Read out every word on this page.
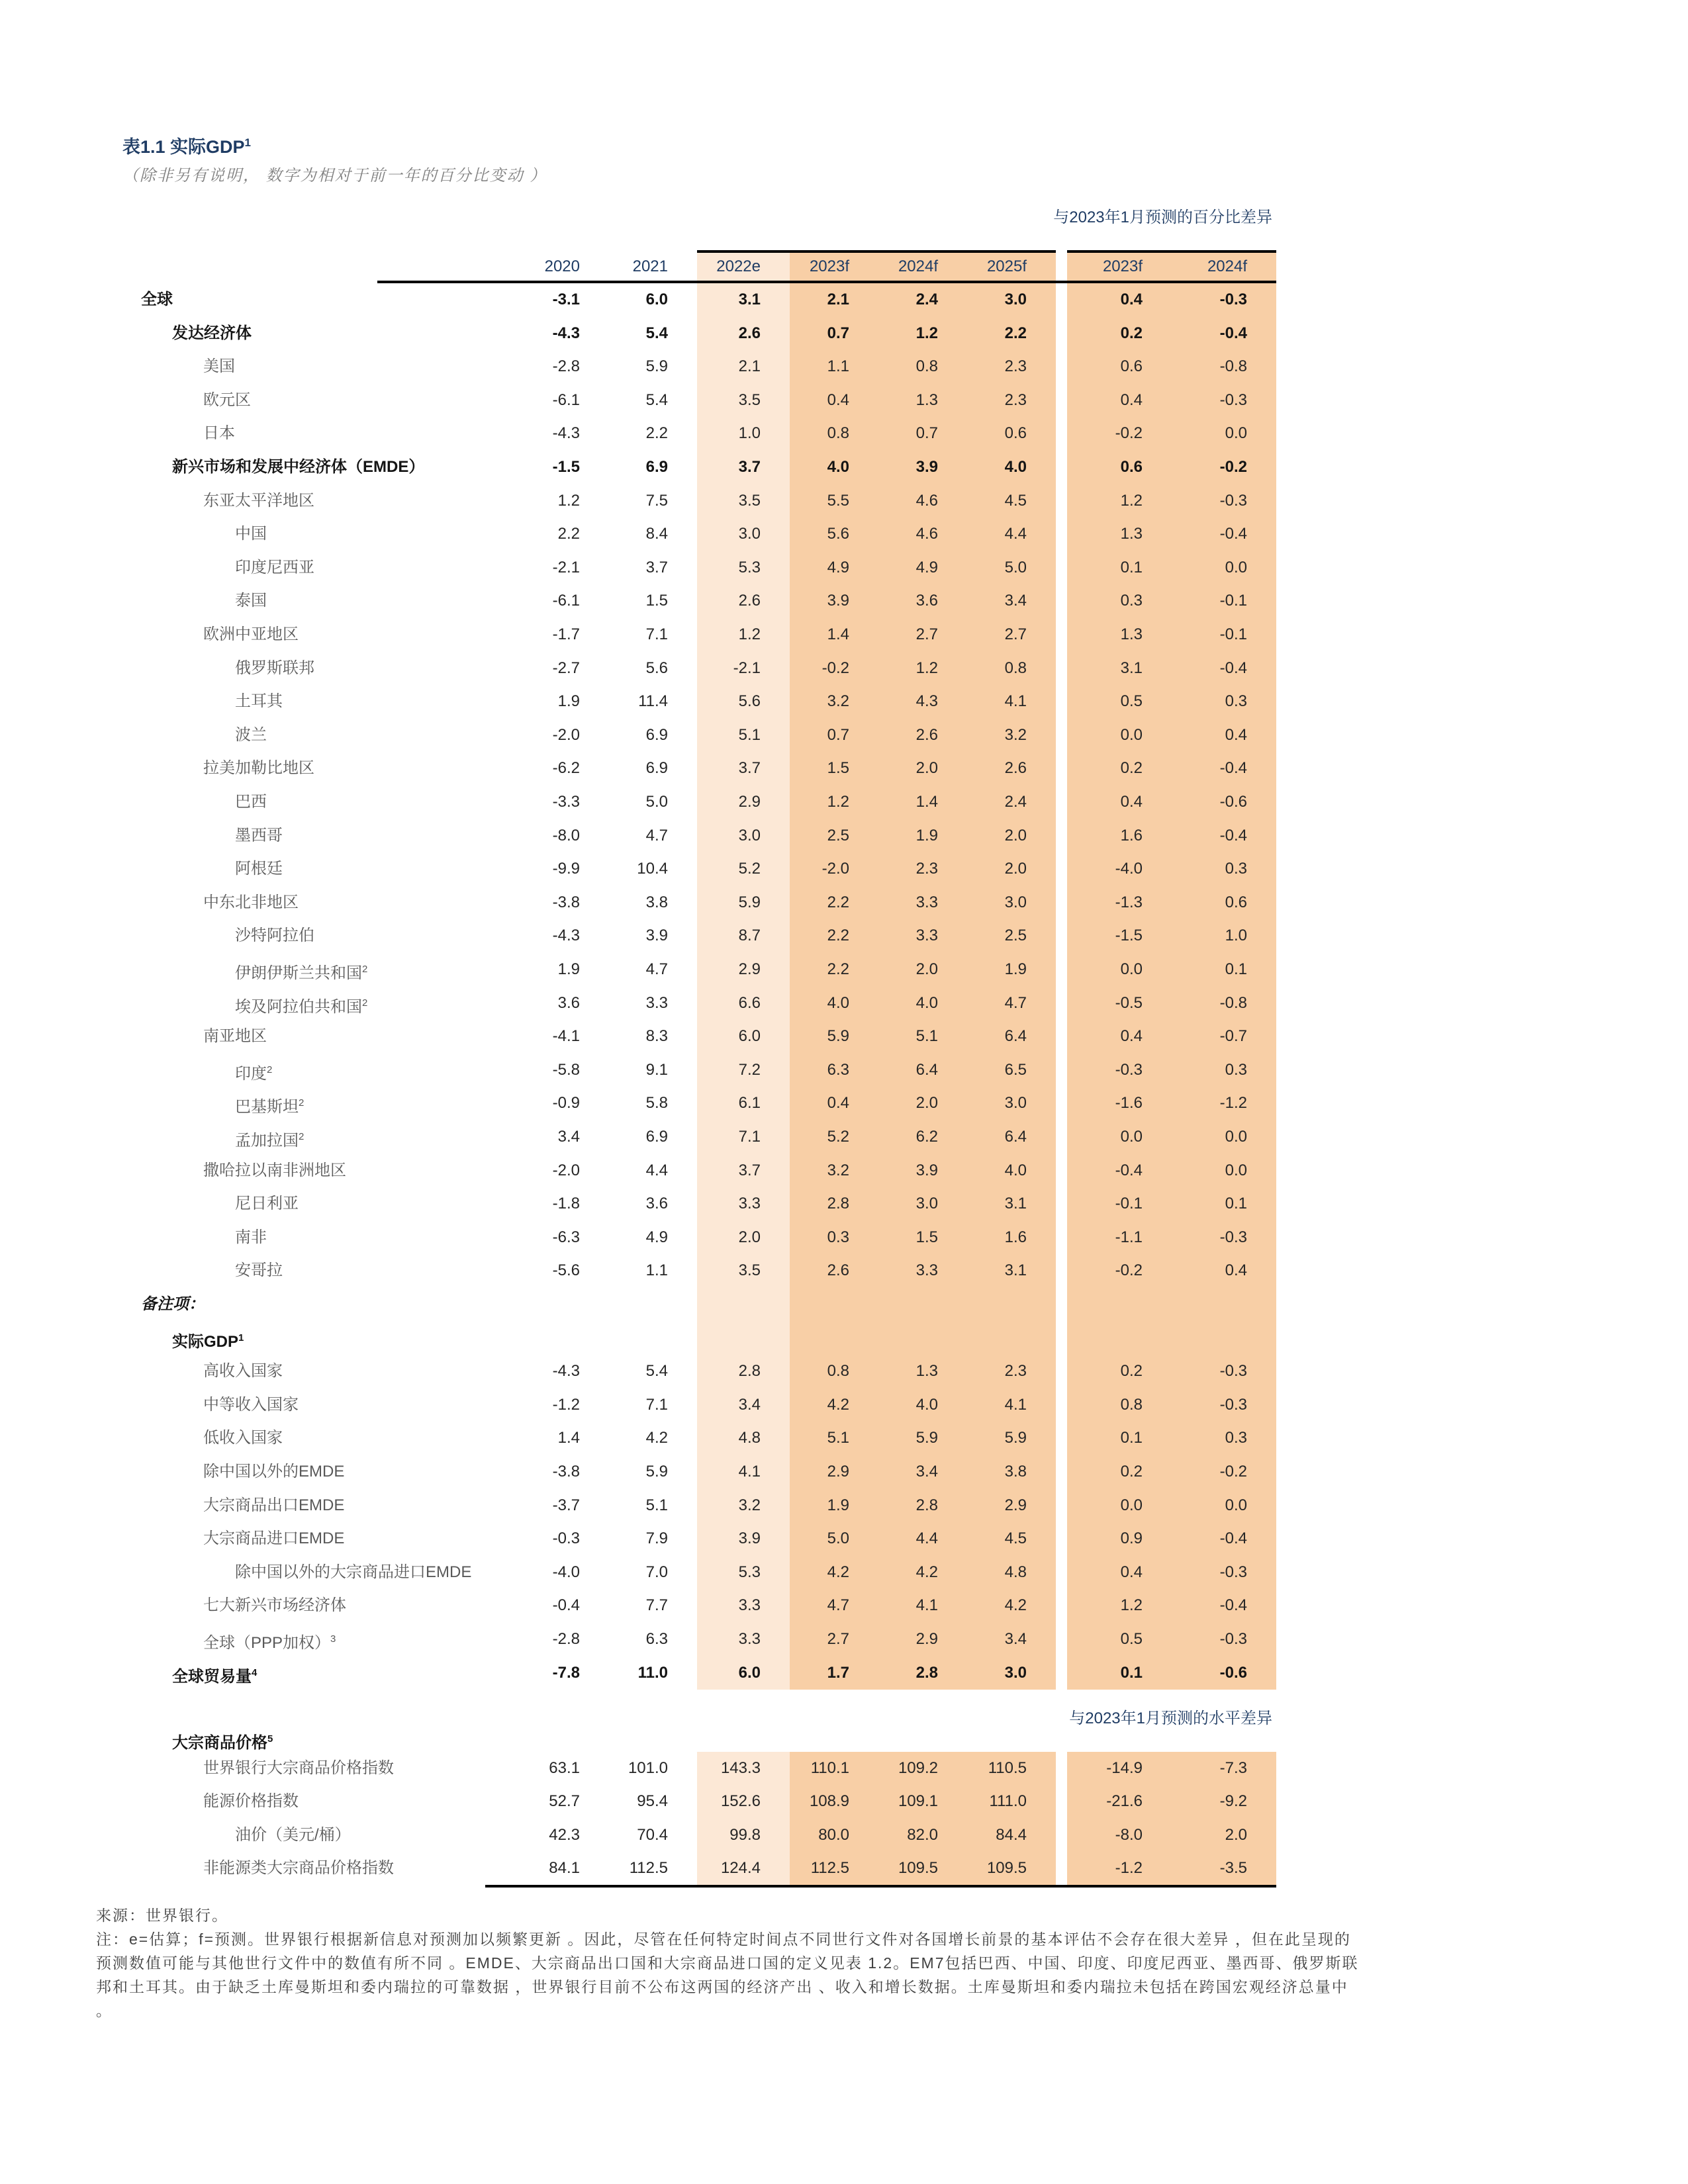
表1.1 实际GDP$^1$
（除非另有说明， 数字为相对于前一年的百分比变动 ）
与2023年1月预测的百分比差异
2020	2021	2022e	2023f	2024f	2025f	2023f	2024f
全球	-3.1	6.0	3.1	2.1	2.4	3.0	0.4	-0.3
发达经济体	-4.3	5.4	2.6	0.7	1.2	2.2	0.2	-0.4
美国	-2.8	5.9	2.1	1.1	0.8	2.3	0.6	-0.8
欧元区	-6.1	5.4	3.5	0.4	1.3	2.3	0.4	-0.3
日本	-4.3	2.2	1.0	0.8	0.7	0.6	-0.2	0.0
新兴市场和发展中经济体（EMDE）	-1.5	6.9	3.7	4.0	3.9	4.0	0.6	-0.2
东亚太平洋地区	1.2	7.5	3.5	5.5	4.6	4.5	1.2	-0.3
中国	2.2	8.4	3.0	5.6	4.6	4.4	1.3	-0.4
印度尼西亚	-2.1	3.7	5.3	4.9	4.9	5.0	0.1	0.0
泰国	-6.1	1.5	2.6	3.9	3.6	3.4	0.3	-0.1
欧洲中亚地区	-1.7	7.1	1.2	1.4	2.7	2.7	1.3	-0.1
俄罗斯联邦	-2.7	5.6	-2.1	-0.2	1.2	0.8	3.1	-0.4
土耳其	1.9	11.4	5.6	3.2	4.3	4.1	0.5	0.3
波兰	-2.0	6.9	5.1	0.7	2.6	3.2	0.0	0.4
拉美加勒比地区	-6.2	6.9	3.7	1.5	2.0	2.6	0.2	-0.4
巴西	-3.3	5.0	2.9	1.2	1.4	2.4	0.4	-0.6
墨西哥	-8.0	4.7	3.0	2.5	1.9	2.0	1.6	-0.4
阿根廷	-9.9	10.4	5.2	-2.0	2.3	2.0	-4.0	0.3
中东北非地区	-3.8	3.8	5.9	2.2	3.3	3.0	-1.3	0.6
沙特阿拉伯	-4.3	3.9	8.7	2.2	3.3	2.5	-1.5	1.0
伊朗伊斯兰共和国$^2$	1.9	4.7	2.9	2.2	2.0	1.9	0.0	0.1
埃及阿拉伯共和国$^2$	3.6	3.3	6.6	4.0	4.0	4.7	-0.5	-0.8
南亚地区	-4.1	8.3	6.0	5.9	5.1	6.4	0.4	-0.7
印度$^2$	-5.8	9.1	7.2	6.3	6.4	6.5	-0.3	0.3
巴基斯坦$^2$	-0.9	5.8	6.1	0.4	2.0	3.0	-1.6	-1.2
孟加拉国$^2$	3.4	6.9	7.1	5.2	6.2	6.4	0.0	0.0
撒哈拉以南非洲地区	-2.0	4.4	3.7	3.2	3.9	4.0	-0.4	0.0
尼日利亚	-1.8	3.6	3.3	2.8	3.0	3.1	-0.1	0.1
南非	-6.3	4.9	2.0	0.3	1.5	1.6	-1.1	-0.3
安哥拉	-5.6	1.1	3.5	2.6	3.3	3.1	-0.2	0.4
备注项：
实际GDP$^1$
高收入国家	-4.3	5.4	2.8	0.8	1.3	2.3	0.2	-0.3
中等收入国家	-1.2	7.1	3.4	4.2	4.0	4.1	0.8	-0.3
低收入国家	1.4	4.2	4.8	5.1	5.9	5.9	0.1	0.3
除中国以外的EMDE	-3.8	5.9	4.1	2.9	3.4	3.8	0.2	-0.2
大宗商品出口EMDE	-3.7	5.1	3.2	1.9	2.8	2.9	0.0	0.0
大宗商品进口EMDE	-0.3	7.9	3.9	5.0	4.4	4.5	0.9	-0.4
除中国以外的大宗商品进口EMDE	-4.0	7.0	5.3	4.2	4.2	4.8	0.4	-0.3
七大新兴市场经济体	-0.4	7.7	3.3	4.7	4.1	4.2	1.2	-0.4
全球（PPP加权）$^3$	-2.8	6.3	3.3	2.7	2.9	3.4	0.5	-0.3
全球贸易量$^4$	-7.8	11.0	6.0	1.7	2.8	3.0	0.1	-0.6
与2023年1月预测的水平差异
大宗商品价格$^5$
世界银行大宗商品价格指数	63.1	101.0	143.3	110.1	109.2	110.5	-14.9	-7.3
能源价格指数	52.7	95.4	152.6	108.9	109.1	111.0	-21.6	-9.2
油价（美元/桶）	42.3	70.4	99.8	80.0	82.0	84.4	-8.0	2.0
非能源类大宗商品价格指数	84.1	112.5	124.4	112.5	109.5	109.5	-1.2	-3.5
来源：世界银行。
注：e=估算；f=预测。世界银行根据新信息对预测加以频繁更新 。因此，尽管在任何特定时间点不同世行文件对各国增长前景的基本评估不会存在很大差异 ，但在此呈现的
预测数值可能与其他世行文件中的数值有所不同 。EMDE、大宗商品出口国和大宗商品进口国的定义见表 1.2。EM7包括巴西、中国、印度、印度尼西亚、墨西哥、俄罗斯联
邦和土耳其。由于缺乏土库曼斯坦和委内瑞拉的可靠数据 ，世界银行目前不公布这两国的经济产出 、收入和增长数据。土库曼斯坦和委内瑞拉未包括在跨国宏观经济总量中
。
